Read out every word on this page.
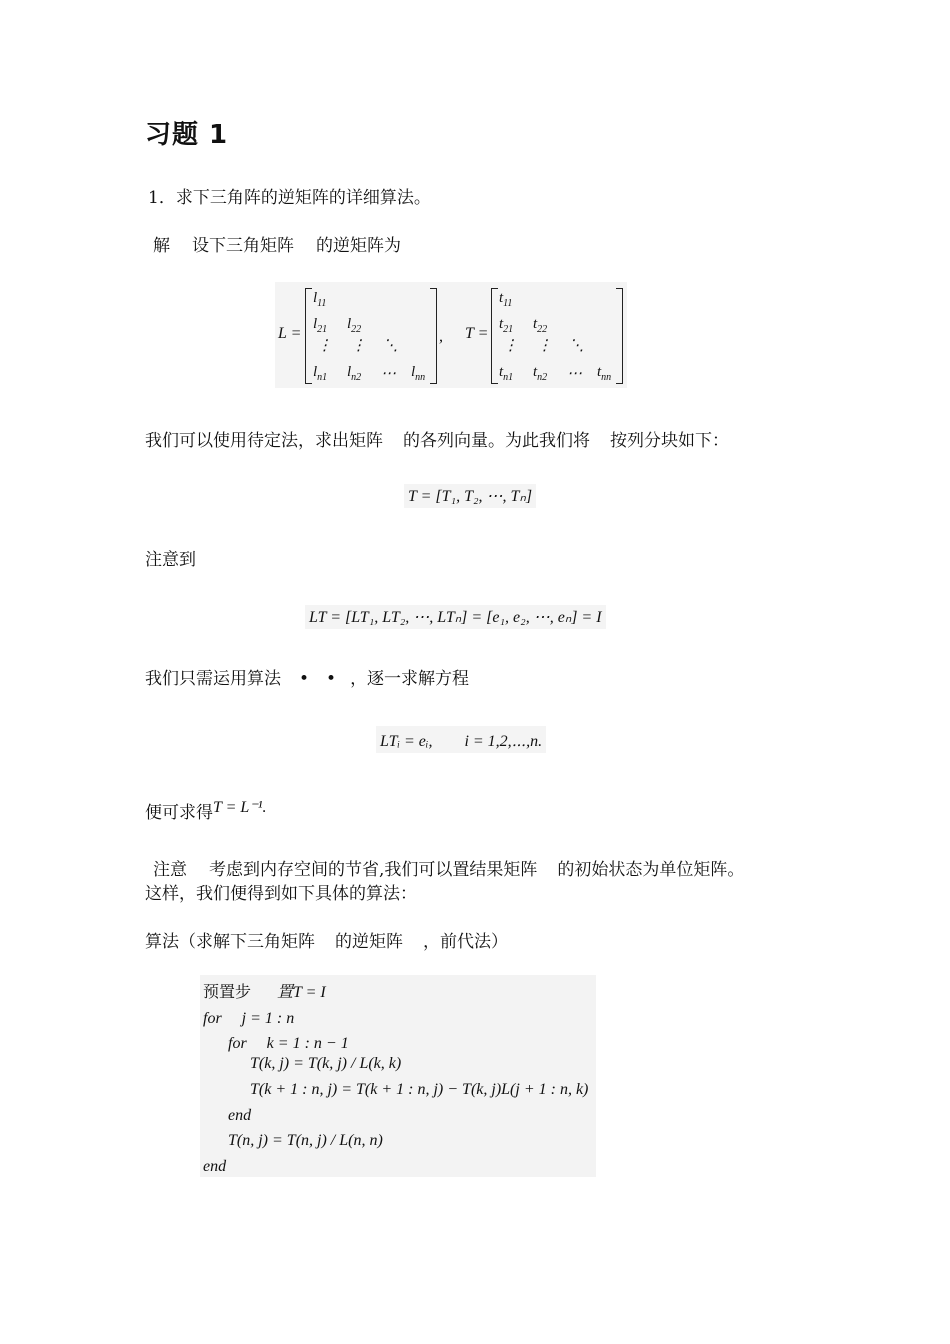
习题 1
1．求下三角阵的逆矩阵的详细算法。
解 设下三角矩阵 的逆矩阵为
L =
$l_{11}$
$l_{21}$ $l_{22}$
⋮ ⋮ ⋱
$l_{n1}$ $l_{n2}$ ⋯ $l_{nn}$
, T =
$t_{11}$
$t_{21}$ $t_{22}$
⋮ ⋮ ⋱
$t_{n1}$ $t_{n2}$ ⋯ $t_{nn}$
我们可以使用待定法，求出矩阵 的各列向量。为此我们将 按列分块如下：
T = [T₁, T₂, ⋯, Tₙ]
注意到
LT = [LT₁, LT₂, ⋯, LTₙ] = [e₁, e₂, ⋯, eₙ] = I
我们只需运用算法 •　• ，逐一求解方程
LTᵢ = eᵢ,　　i = 1,2,⋯,n.
便可求得T = L⁻¹.
注意 考虑到内存空间的节省,我们可以置结果矩阵 的初始状态为单位矩阵。
这样，我们便得到如下具体的算法：
算法（求解下三角矩阵 的逆矩阵 ，前代法）
预置步 置T = I
for　 j = 1 : n
for　 k = 1 : n − 1
T(k, j) = T(k, j) / L(k, k)
T(k + 1 : n, j) = T(k + 1 : n, j) − T(k, j)L(j + 1 : n, k)
end
T(n, j) = T(n, j) / L(n, n)
end
